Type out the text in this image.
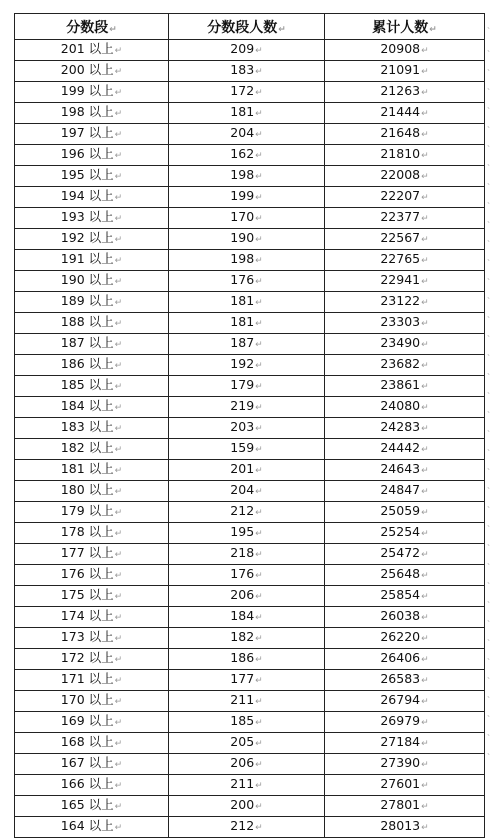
分数段↵	分数段人数↵	累计人数↵
201 以上↵	209↵	20908↵
200 以上↵	183↵	21091↵
199 以上↵	172↵	21263↵
198 以上↵	181↵	21444↵
197 以上↵	204↵	21648↵
196 以上↵	162↵	21810↵
195 以上↵	198↵	22008↵
194 以上↵	199↵	22207↵
193 以上↵	170↵	22377↵
192 以上↵	190↵	22567↵
191 以上↵	198↵	22765↵
190 以上↵	176↵	22941↵
189 以上↵	181↵	23122↵
188 以上↵	181↵	23303↵
187 以上↵	187↵	23490↵
186 以上↵	192↵	23682↵
185 以上↵	179↵	23861↵
184 以上↵	219↵	24080↵
183 以上↵	203↵	24283↵
182 以上↵	159↵	24442↵
181 以上↵	201↵	24643↵
180 以上↵	204↵	24847↵
179 以上↵	212↵	25059↵
178 以上↵	195↵	25254↵
177 以上↵	218↵	25472↵
176 以上↵	176↵	25648↵
175 以上↵	206↵	25854↵
174 以上↵	184↵	26038↵
173 以上↵	182↵	26220↵
172 以上↵	186↵	26406↵
171 以上↵	177↵	26583↵
170 以上↵	211↵	26794↵
169 以上↵	185↵	26979↵
168 以上↵	205↵	27184↵
167 以上↵	206↵	27390↵
166 以上↵	211↵	27601↵
165 以上↵	200↵	27801↵
164 以上↵	212↵	28013↵
、
、
、
、
、
、
、
、
、
、
、
、
、
、
、
、
、
、
、
、
、
、
、
、
、
、
、
、
、
、
、
、
、
、
、
、
、
、
、
